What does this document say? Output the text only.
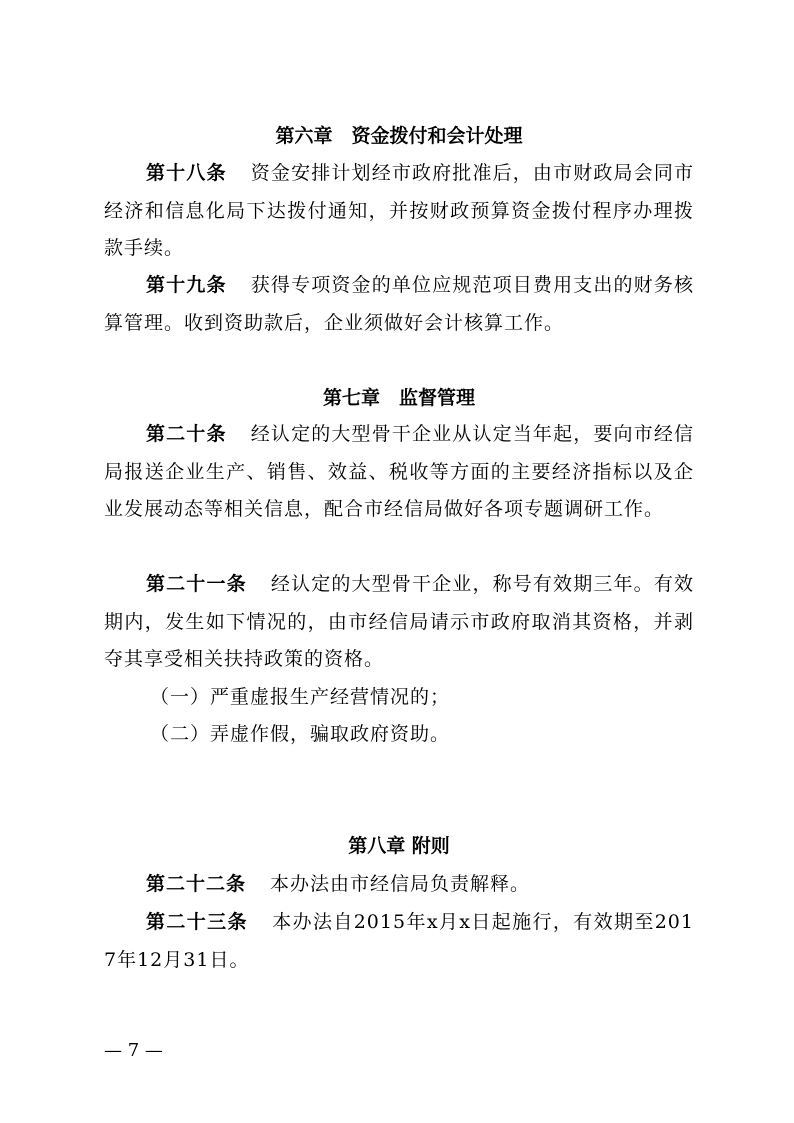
第六章　资金拨付和会计处理
第十八条 资金安排计划经市政府批准后，由市财政局会同市经济和信息化局下达拨付通知，并按财政预算资金拨付程序办理拨款手续。
第十九条 获得专项资金的单位应规范项目费用支出的财务核算管理。收到资助款后，企业须做好会计核算工作。
第七章　监督管理
第二十条 经认定的大型骨干企业从认定当年起，要向市经信局报送企业生产、销售、效益、税收等方面的主要经济指标以及企业发展动态等相关信息，配合市经信局做好各项专题调研工作。
第二十一条 经认定的大型骨干企业，称号有效期三年。有效期内，发生如下情况的，由市经信局请示市政府取消其资格，并剥夺其享受相关扶持政策的资格。
（一）严重虚报生产经营情况的；
（二）弄虚作假，骗取政府资助。
第八章 附则
第二十二条 本办法由市经信局负责解释。
第二十三条 本办法自2015年x月x日起施行，有效期至2017年12月31日。
— 7 —
